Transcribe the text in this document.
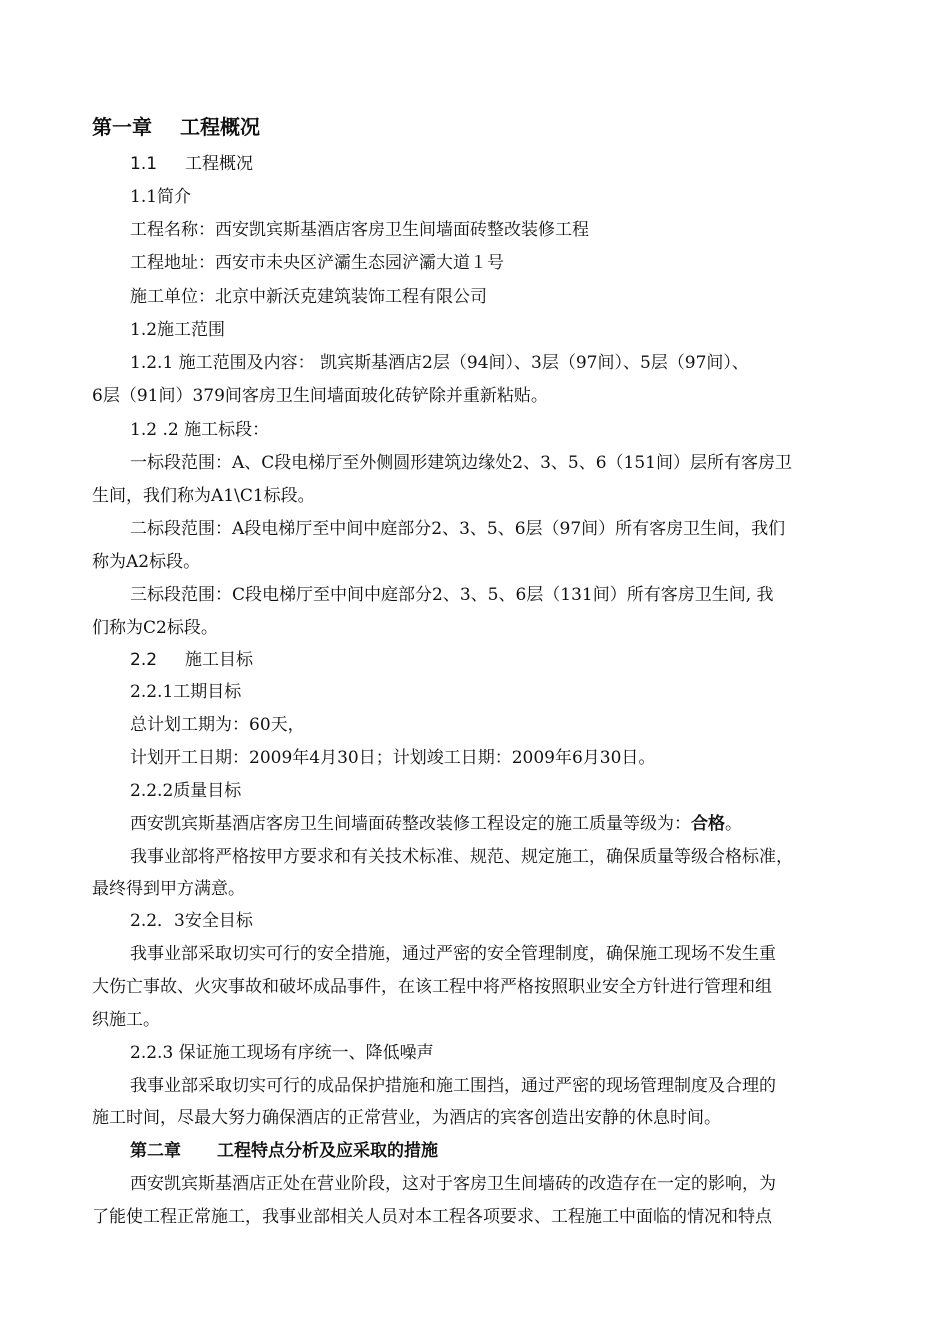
第一章 工程概况

1.1 工程概况

1.1简介

工程名称：西安凯宾斯基酒店客房卫生间墙面砖整改装修工程

工程地址：西安市未央区浐灞生态园浐灞大道１号

施工单位：北京中新沃克建筑装饰工程有限公司

1.2施工范围

1.2.1 施工范围及内容： 凯宾斯基酒店2层（94间）、3层（97间）、5层（97间）、

6层（91间）379间客房卫生间墙面玻化砖铲除并重新粘贴。

1.2 .2 施工标段：

一标段范围：A、C段电梯厅至外侧圆形建筑边缘处2、3、5、6（151间）层所有客房卫

生间，我们称为A1\C1标段。

二标段范围：A段电梯厅至中间中庭部分2、3、5、6层（97间）所有客房卫生间，我们

称为A2标段。

三标段范围：C段电梯厅至中间中庭部分2、3、5、6层（131间）所有客房卫生间, 我

们称为C2标段。

2.2 施工目标

2.2.1工期目标

总计划工期为：60天，

计划开工日期：2009年4月30日；计划竣工日期：2009年6月30日。

2.2.2质量目标

西安凯宾斯基酒店客房卫生间墙面砖整改装修工程设定的施工质量等级为：合格。

我事业部将严格按甲方要求和有关技术标准、规范、规定施工，确保质量等级合格标准，

最终得到甲方满意。

2.2．3安全目标

我事业部采取切实可行的安全措施，通过严密的安全管理制度，确保施工现场不发生重

大伤亡事故、火灾事故和破坏成品事件，在该工程中将严格按照职业安全方针进行管理和组

织施工。

2.2.3 保证施工现场有序统一、降低噪声

我事业部采取切实可行的成品保护措施和施工围挡，通过严密的现场管理制度及合理的

施工时间，尽最大努力确保酒店的正常营业，为酒店的宾客创造出安静的休息时间。

第二章 工程特点分析及应采取的措施

西安凯宾斯基酒店正处在营业阶段，这对于客房卫生间墙砖的改造存在一定的影响，为

了能使工程正常施工，我事业部相关人员对本工程各项要求、工程施工中面临的情况和特点
